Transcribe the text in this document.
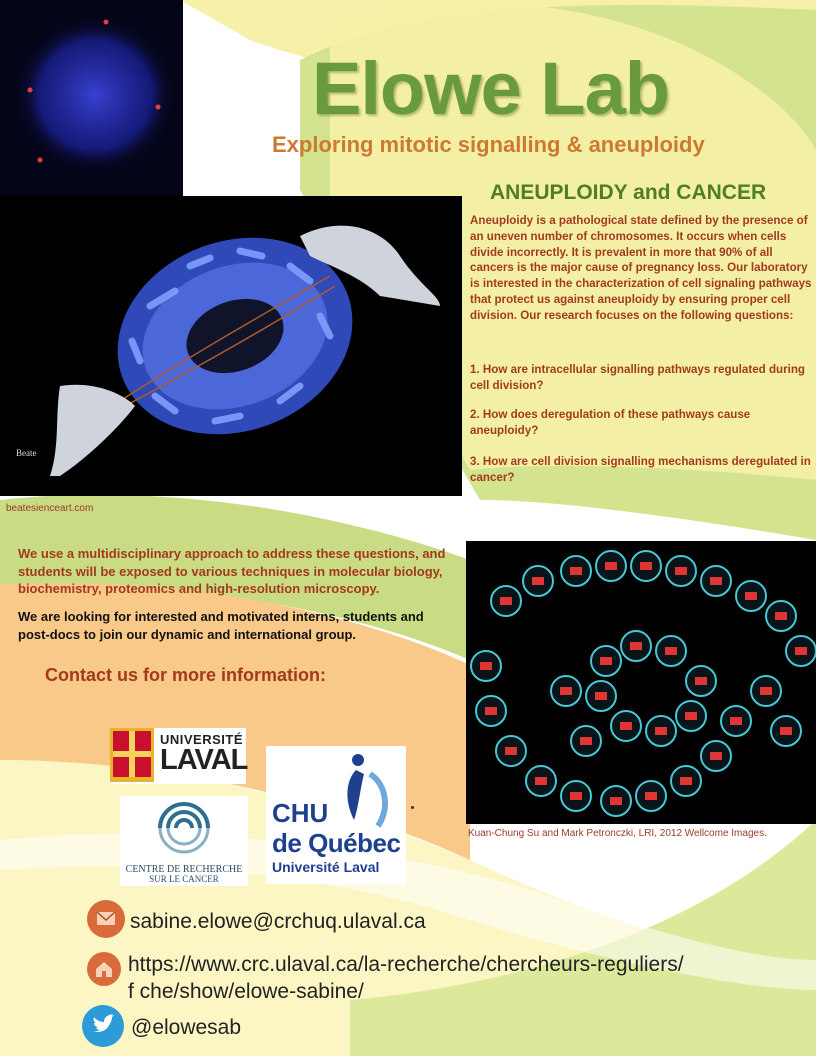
Beate
beatesienceart.com
Elowe Lab
Exploring mitotic signalling & aneuploidy
ANEUPLOIDY and CANCER
Aneuploidy is a pathological state defined by the presence of an uneven number of chromosomes. It occurs when cells divide incorrectly. It is prevalent in more that 90% of all cancers is the major cause of pregnancy loss. Our laboratory is interested in the characterization of cell signaling pathways that protect us against aneuploidy by ensuring proper cell division. Our research focuses on the following questions:
1. How are intracellular signalling pathways regulated during cell division?
2. How does deregulation of these pathways cause aneuploidy?
3. How are cell division signalling mechanisms deregulated in cancer?
Kuan-Chung Su and Mark Petronczki, LRI, 2012 Wellcome Images.
We use a multidisciplinary approach to address these questions, and students will be exposed to various techniques in molecular biology, biochemistry, proteomics and high-resolution microscopy.
We are looking for interested and motivated interns, students and post-docs to join our dynamic and international group.
Contact us for more information:
UNIVERSITÉ
LAVAL
CENTRE DE RECHERCHE
SUR LE CANCER
CHU
de Québec
Université Laval
sabine.elowe@crchuq.ulaval.ca
https://www.crc.ulaval.ca/la-recherche/chercheurs-reguliers/
f che/show/elowe-sabine/
@elowesab
